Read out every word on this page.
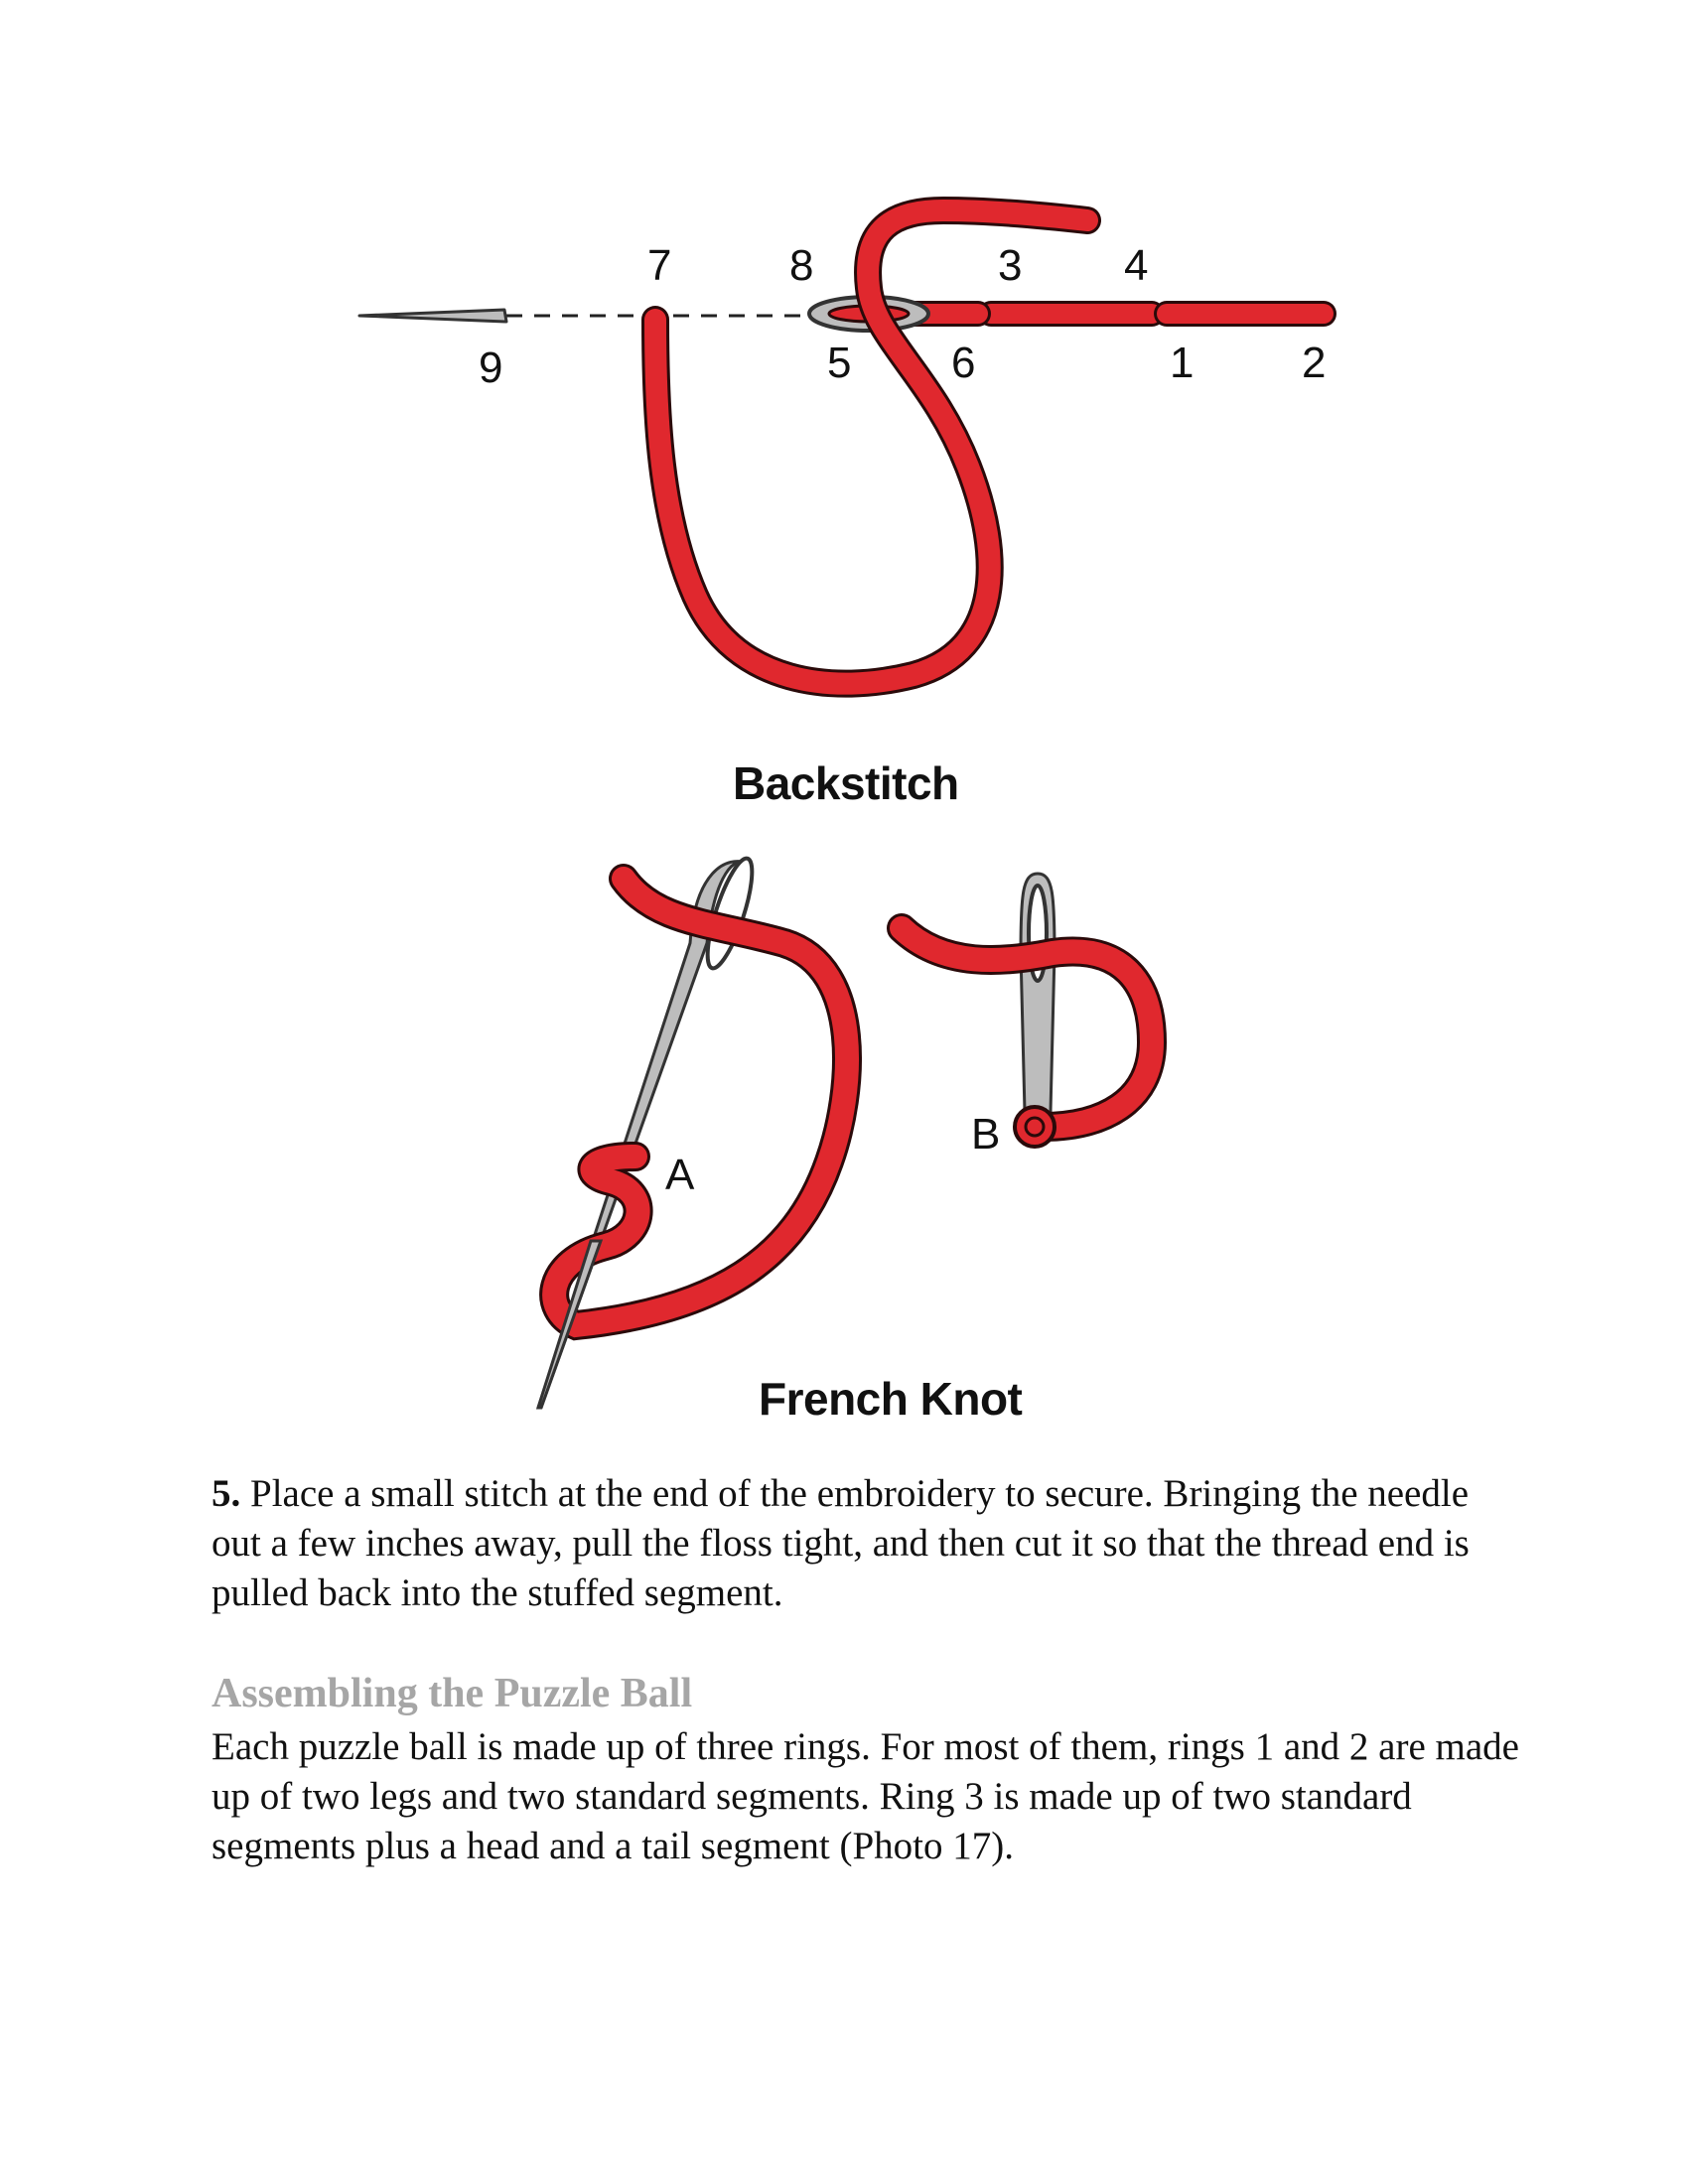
7	8	3 4
9	5 6	1 2
Backstitch
A
B
French Knot

5. Place a small stitch at the end of the embroidery to secure. Bringing the needle out a few inches away, pull the floss tight, and then cut it so that the thread end is pulled back into the stuffed segment.

Assembling the Puzzle Ball

Each puzzle ball is made up of three rings. For most of them, rings 1 and 2 are made up of two legs and two standard segments. Ring 3 is made up of two standard segments plus a head and a tail segment (Photo 17).
